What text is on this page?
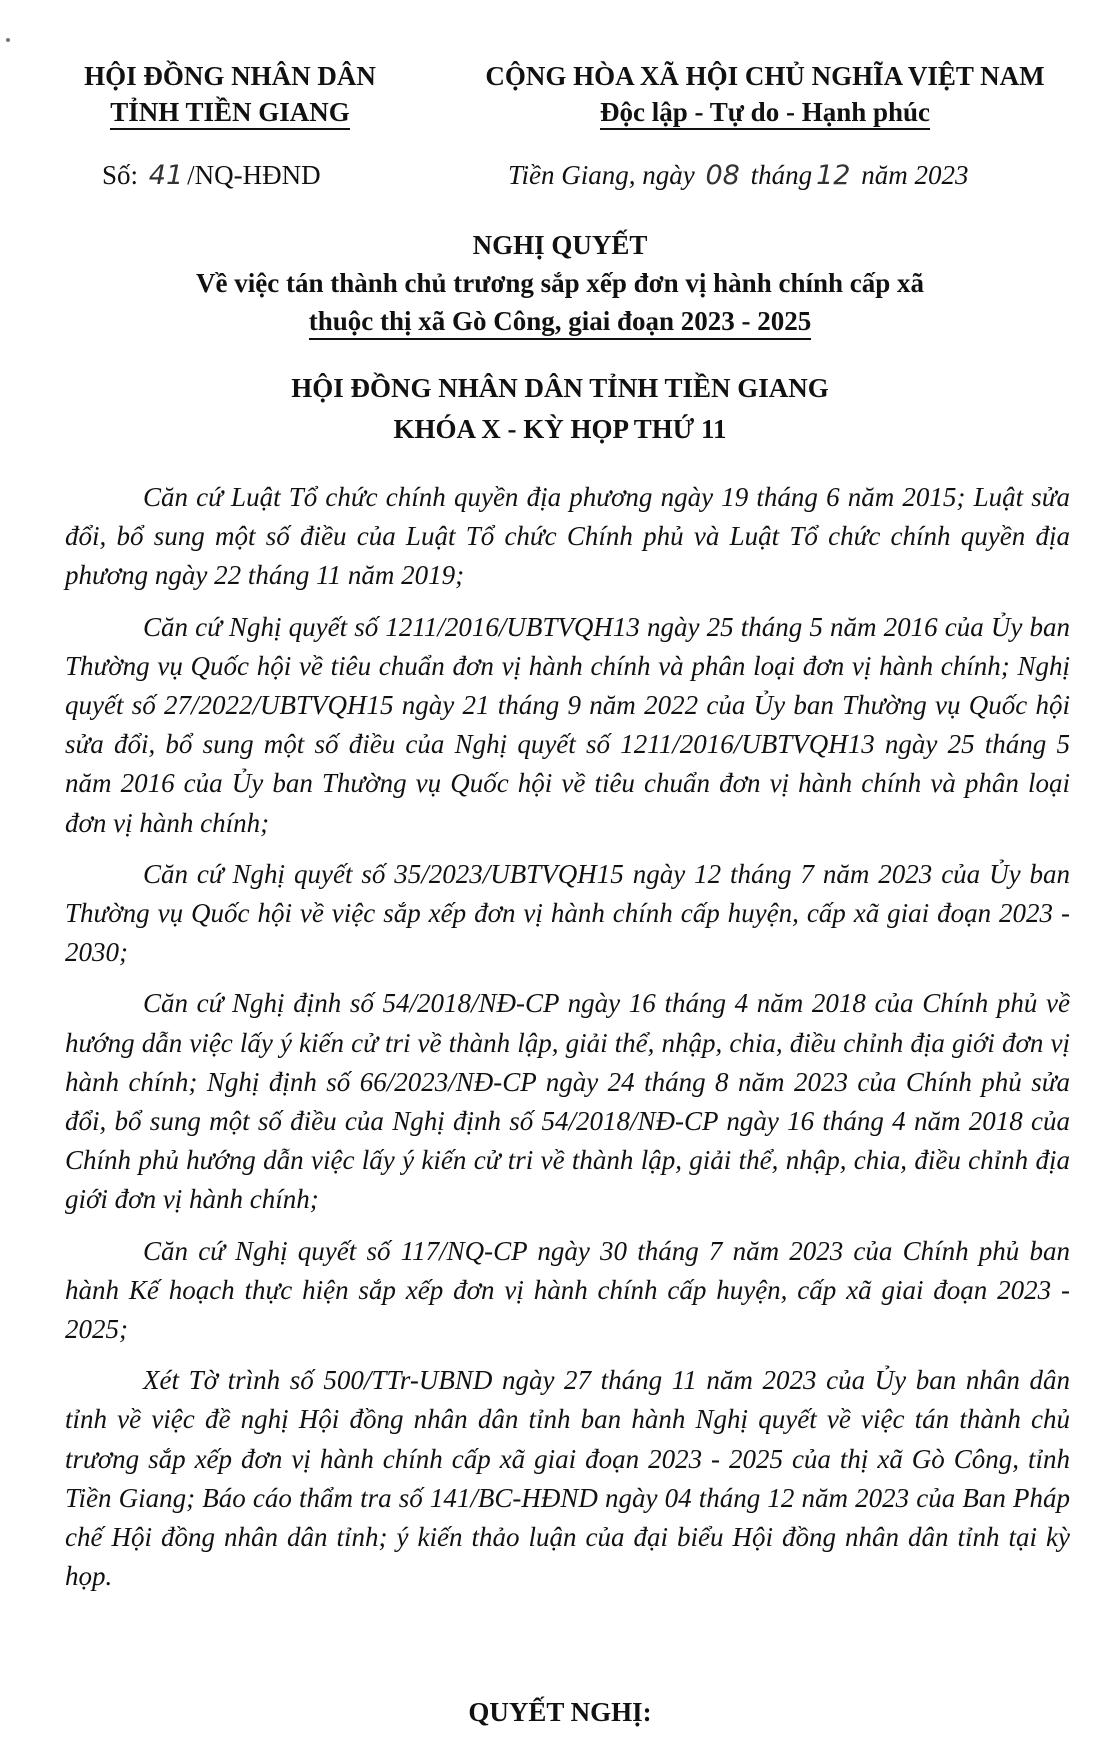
HỘI ĐỒNG NHÂN DÂN
TỈNH TIỀN GIANG
CỘNG HÒA XÃ HỘI CHỦ NGHĨA VIỆT NAM
Độc lập - Tự do - Hạnh phúc
Số: 41 /NQ-HĐND	Tiền Giang, ngày 08 tháng 12 năm 2023
NGHỊ QUYẾT
Về việc tán thành chủ trương sắp xếp đơn vị hành chính cấp xã
thuộc thị xã Gò Công, giai đoạn 2023 - 2025
HỘI ĐỒNG NHÂN DÂN TỈNH TIỀN GIANG
KHÓA X - KỲ HỌP THỨ 11

Căn cứ Luật Tổ chức chính quyền địa phương ngày 19 tháng 6 năm 2015; Luật sửa đổi, bổ sung một số điều của Luật Tổ chức Chính phủ và Luật Tổ chức chính quyền địa phương ngày 22 tháng 11 năm 2019;

Căn cứ Nghị quyết số 1211/2016/UBTVQH13 ngày 25 tháng 5 năm 2016 của Ủy ban Thường vụ Quốc hội về tiêu chuẩn đơn vị hành chính và phân loại đơn vị hành chính; Nghị quyết số 27/2022/UBTVQH15 ngày 21 tháng 9 năm 2022 của Ủy ban Thường vụ Quốc hội sửa đổi, bổ sung một số điều của Nghị quyết số 1211/2016/UBTVQH13 ngày 25 tháng 5 năm 2016 của Ủy ban Thường vụ Quốc hội về tiêu chuẩn đơn vị hành chính và phân loại đơn vị hành chính;

Căn cứ Nghị quyết số 35/2023/UBTVQH15 ngày 12 tháng 7 năm 2023 của Ủy ban Thường vụ Quốc hội về việc sắp xếp đơn vị hành chính cấp huyện, cấp xã giai đoạn 2023 - 2030;

Căn cứ Nghị định số 54/2018/NĐ-CP ngày 16 tháng 4 năm 2018 của Chính phủ về hướng dẫn việc lấy ý kiến cử tri về thành lập, giải thể, nhập, chia, điều chỉnh địa giới đơn vị hành chính; Nghị định số 66/2023/NĐ-CP ngày 24 tháng 8 năm 2023 của Chính phủ sửa đổi, bổ sung một số điều của Nghị định số 54/2018/NĐ-CP ngày 16 tháng 4 năm 2018 của Chính phủ hướng dẫn việc lấy ý kiến cử tri về thành lập, giải thể, nhập, chia, điều chỉnh địa giới đơn vị hành chính;

Căn cứ Nghị quyết số 117/NQ-CP ngày 30 tháng 7 năm 2023 của Chính phủ ban hành Kế hoạch thực hiện sắp xếp đơn vị hành chính cấp huyện, cấp xã giai đoạn 2023 - 2025;

Xét Tờ trình số 500/TTr-UBND ngày 27 tháng 11 năm 2023 của Ủy ban nhân dân tỉnh về việc đề nghị Hội đồng nhân dân tỉnh ban hành Nghị quyết về việc tán thành chủ trương sắp xếp đơn vị hành chính cấp xã giai đoạn 2023 - 2025 của thị xã Gò Công, tỉnh Tiền Giang; Báo cáo thẩm tra số 141/BC-HĐND ngày 04 tháng 12 năm 2023 của Ban Pháp chế Hội đồng nhân dân tỉnh; ý kiến thảo luận của đại biểu Hội đồng nhân dân tỉnh tại kỳ họp.

QUYẾT NGHỊ:
